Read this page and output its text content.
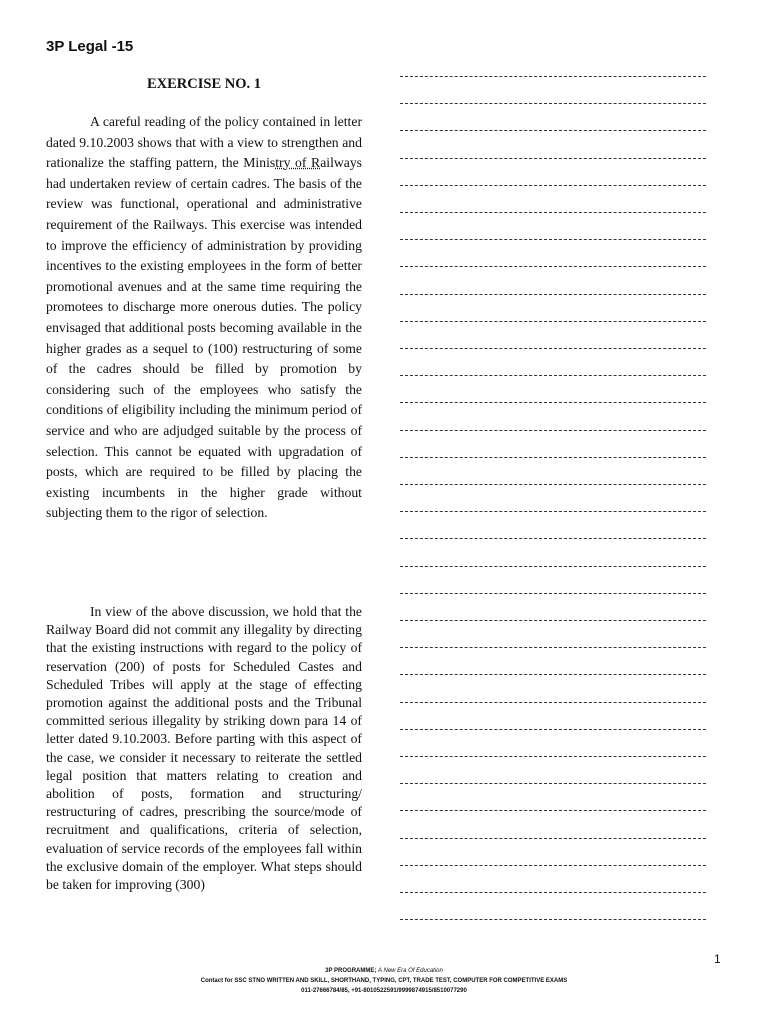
3P Legal -15
EXERCISE NO. 1

A careful reading of the policy contained in letter dated 9.10.2003 shows that with a view to strengthen and rationalize the staffing pattern, the Ministry of Railways had undertaken review of certain cadres. The basis of the review was functional, operational and administrative requirement of the Railways. This exercise was intended to improve the efficiency of administration by providing incentives to the existing employees in the form of better promotional avenues and at the same time requiring the promotees to discharge more onerous duties. The policy envisaged that additional posts becoming available in the higher grades as a sequel to (100) restructuring of some of the cadres should be filled by promotion by considering such of the employees who satisfy the conditions of eligibility including the minimum period of service and who are adjudged suitable by the process of selection. This cannot be equated with upgradation of posts, which are required to be filled by placing the existing incumbents in the higher grade without subjecting them to the rigor of selection.

In view of the above discussion, we hold that the Railway Board did not commit any illegality by directing that the existing instructions with regard to the policy of reservation (200) of posts for Scheduled Castes and Scheduled Tribes will apply at the stage of effecting promotion against the additional posts and the Tribunal committed serious illegality by striking down para 14 of letter dated 9.10.2003. Before parting with this aspect of the case, we consider it necessary to reiterate the settled legal position that matters relating to creation and abolition of posts, formation and structuring/ restructuring of cadres, prescribing the source/mode of recruitment and qualifications, criteria of selection, evaluation of service records of the employees fall within the exclusive domain of the employer. What steps should be taken for improving (300)

1
3P PROGRAMME; A New Era Of Education
Contact for SSC STNO WRITTEN AND SKILL, SHORTHAND, TYPING, CPT, TRADE TEST, COMPUTER FOR COMPETITIVE EXAMS
011-27666784/85, +91-8010522591/9999874915/8510077290
